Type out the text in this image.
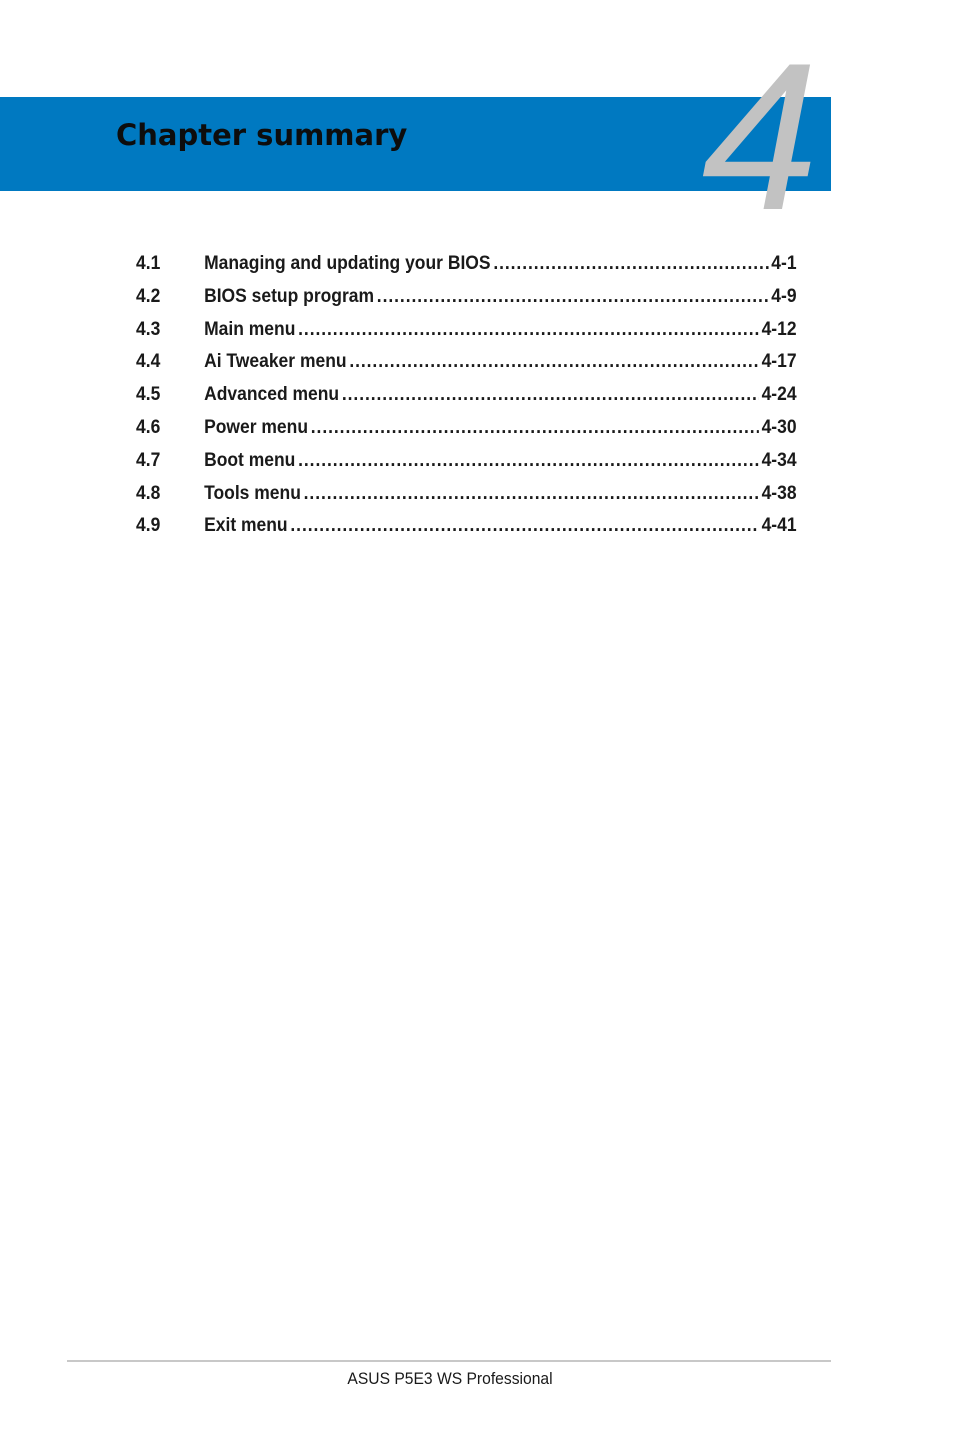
Chapter summary 4
4.1	Managing and updating your BIOS .....	4-1
4.2	BIOS setup program .....	4-9
4.3	Main menu .....	4-12
4.4	Ai Tweaker menu .....	4-17
4.5	Advanced menu .....	4-24
4.6	Power menu .....	4-30
4.7	Boot menu .....	4-34
4.8	Tools menu .....	4-38
4.9	Exit menu .....	4-41
ASUS P5E3 WS Professional
